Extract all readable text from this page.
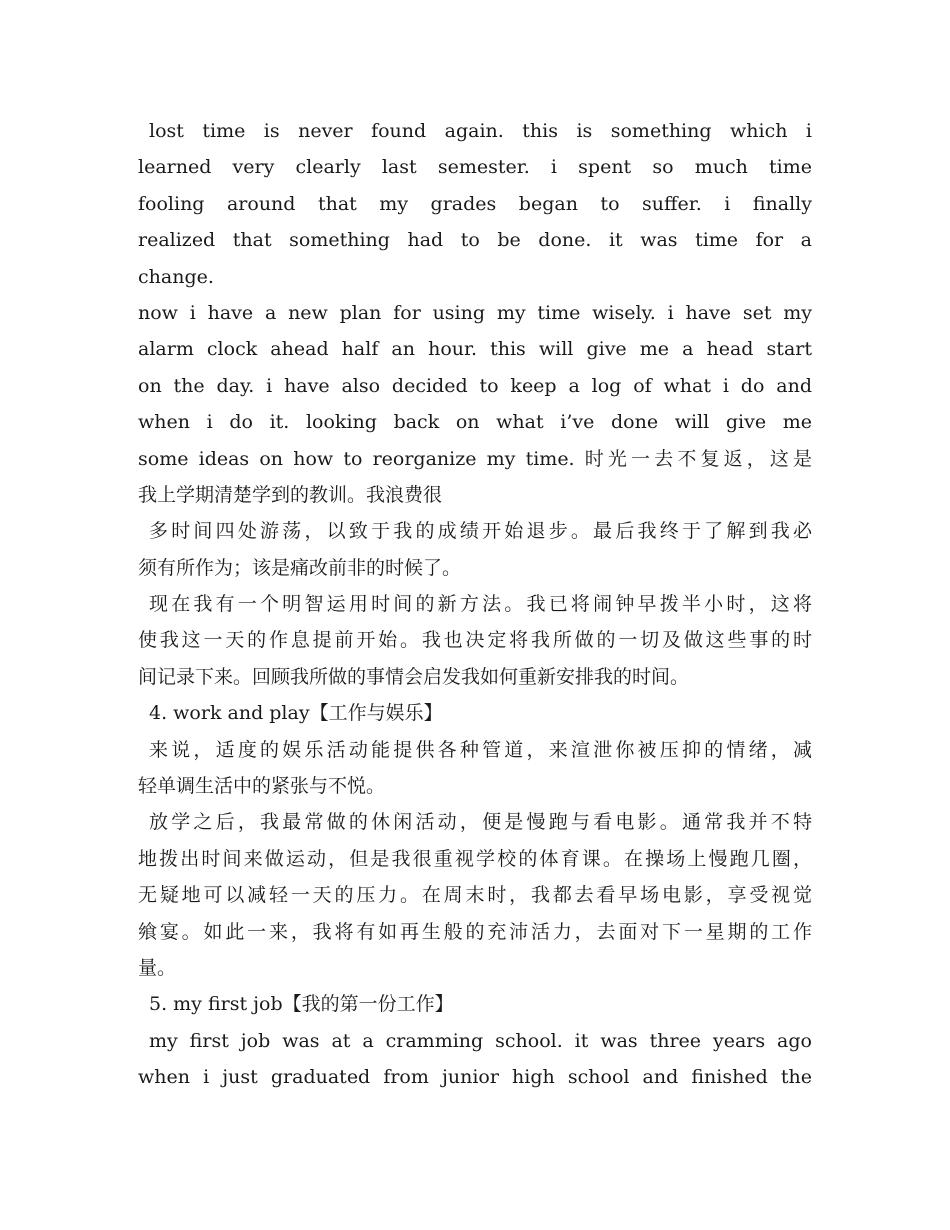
lost time is never found again. this is something which i
learned very clearly last semester. i spent so much time
fooling around that my grades began to suffer. i finally
realized that something had to be done. it was time for a
change.
now i have a new plan for using my time wisely. i have set my
alarm clock ahead half an hour. this will give me a head start
on the day. i have also decided to keep a log of what i do and
when i do it. looking back on what i’ve done will give me
some ideas on how to reorganize my time. 时光一去不复返，这是
我上学期清楚学到的教训。我浪费很
多时间四处游荡，以致于我的成绩开始退步。最后我终于了解到我必
须有所作为；该是痛改前非的时候了。
现在我有一个明智运用时间的新方法。我已将闹钟早拨半小时，这将
使我这一天的作息提前开始。我也决定将我所做的一切及做这些事的时
间记录下来。回顾我所做的事情会启发我如何重新安排我的时间。
4. work and play【工作与娱乐】
来说，适度的娱乐活动能提供各种管道，来渲泄你被压抑的情绪，减
轻单调生活中的紧张与不悦。
放学之后，我最常做的休闲活动，便是慢跑与看电影。通常我并不特
地拨出时间来做运动，但是我很重视学校的体育课。在操场上慢跑几圈，
无疑地可以减轻一天的压力。在周末时，我都去看早场电影，享受视觉
飨宴。如此一来，我将有如再生般的充沛活力，去面对下一星期的工作
量。
5. my first job【我的第一份工作】
my first job was at a cramming school. it was three years ago
when i just graduated from junior high school and finished the
